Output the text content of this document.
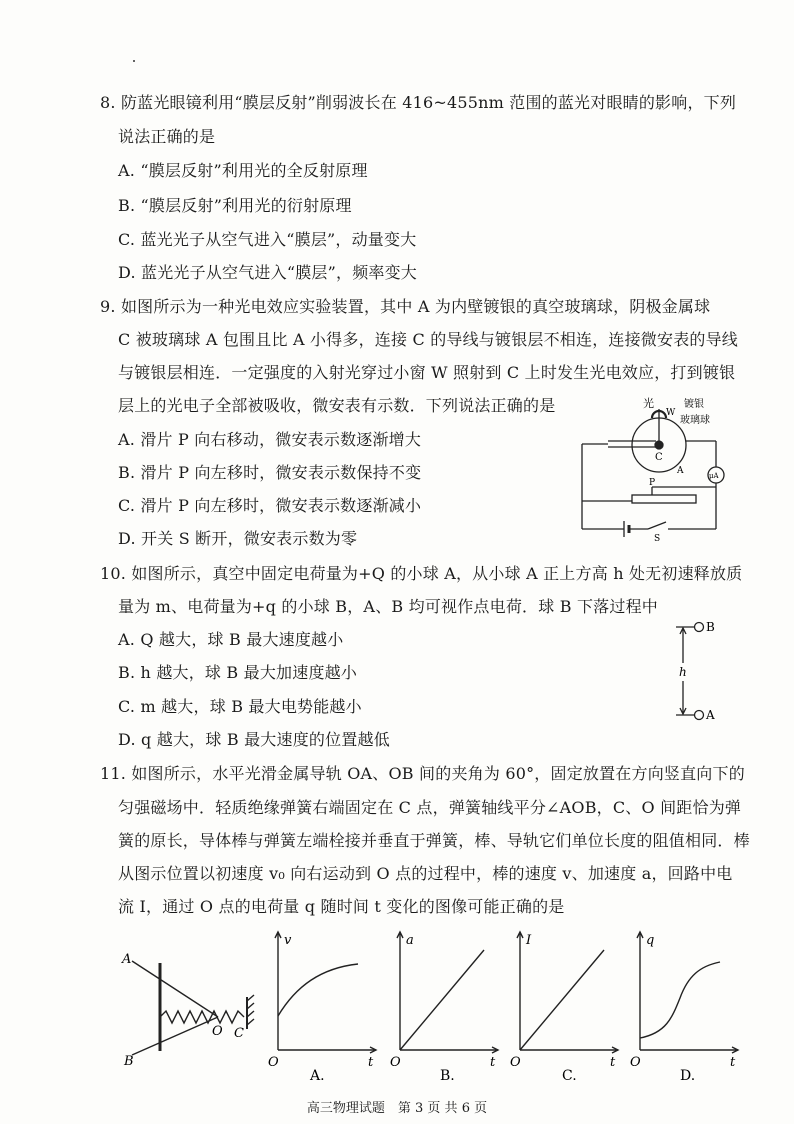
8. 防蓝光眼镜利用“膜层反射”削弱波长在 416~455nm 范围的蓝光对眼睛的影响，下列
说法正确的是
A. “膜层反射”利用光的全反射原理
B. “膜层反射”利用光的衍射原理
C. 蓝光光子从空气进入“膜层”，动量变大
D. 蓝光光子从空气进入“膜层”，频率变大
9. 如图所示为一种光电效应实验装置，其中 A 为内壁镀银的真空玻璃球，阴极金属球
C 被玻璃球 A 包围且比 A 小得多，连接 C 的导线与镀银层不相连，连接微安表的导线
与镀银层相连．一定强度的入射光穿过小窗 W 照射到 C 上时发生光电效应，打到镀银
层上的光电子全部被吸收，微安表有示数．下列说法正确的是
A. 滑片 P 向右移动，微安表示数逐渐增大
B. 滑片 P 向左移时，微安表示数保持不变
C. 滑片 P 向左移时，微安表示数逐渐减小
D. 开关 S 断开，微安表示数为零
光
W
镀银
玻璃球
C
A	μA
P
S
10. 如图所示，真空中固定电荷量为+Q 的小球 A，从小球 A 正上方高 h 处无初速释放质
量为 m、电荷量为+q 的小球 B，A、B 均可视作点电荷．球 B 下落过程中
A. Q 越大，球 B 最大速度越小
B. h 越大，球 B 最大加速度越小
C. m 越大，球 B 最大电势能越小
D. q 越大，球 B 最大速度的位置越低
h
B
A
11. 如图所示，水平光滑金属导轨 OA、OB 间的夹角为 60°，固定放置在方向竖直向下的
匀强磁场中．轻质绝缘弹簧右端固定在 C 点，弹簧轴线平分∠AOB，C、O 间距恰为弹
簧的原长，导体棒与弹簧左端栓接并垂直于弹簧，棒、导轨它们单位长度的阻值相同．棒
从图示位置以初速度 v₀ 向右运动到 O 点的过程中，棒的速度 v、加速度 a，回路中电
流 I，通过 O 点的电荷量 q 随时间 t 变化的图像可能正确的是
A
B
O C
v
t
O
A.
a
t
O
B.
I
t
O
C.
q
t
O
D.
高三物理试题　第 3 页 共 6 页
